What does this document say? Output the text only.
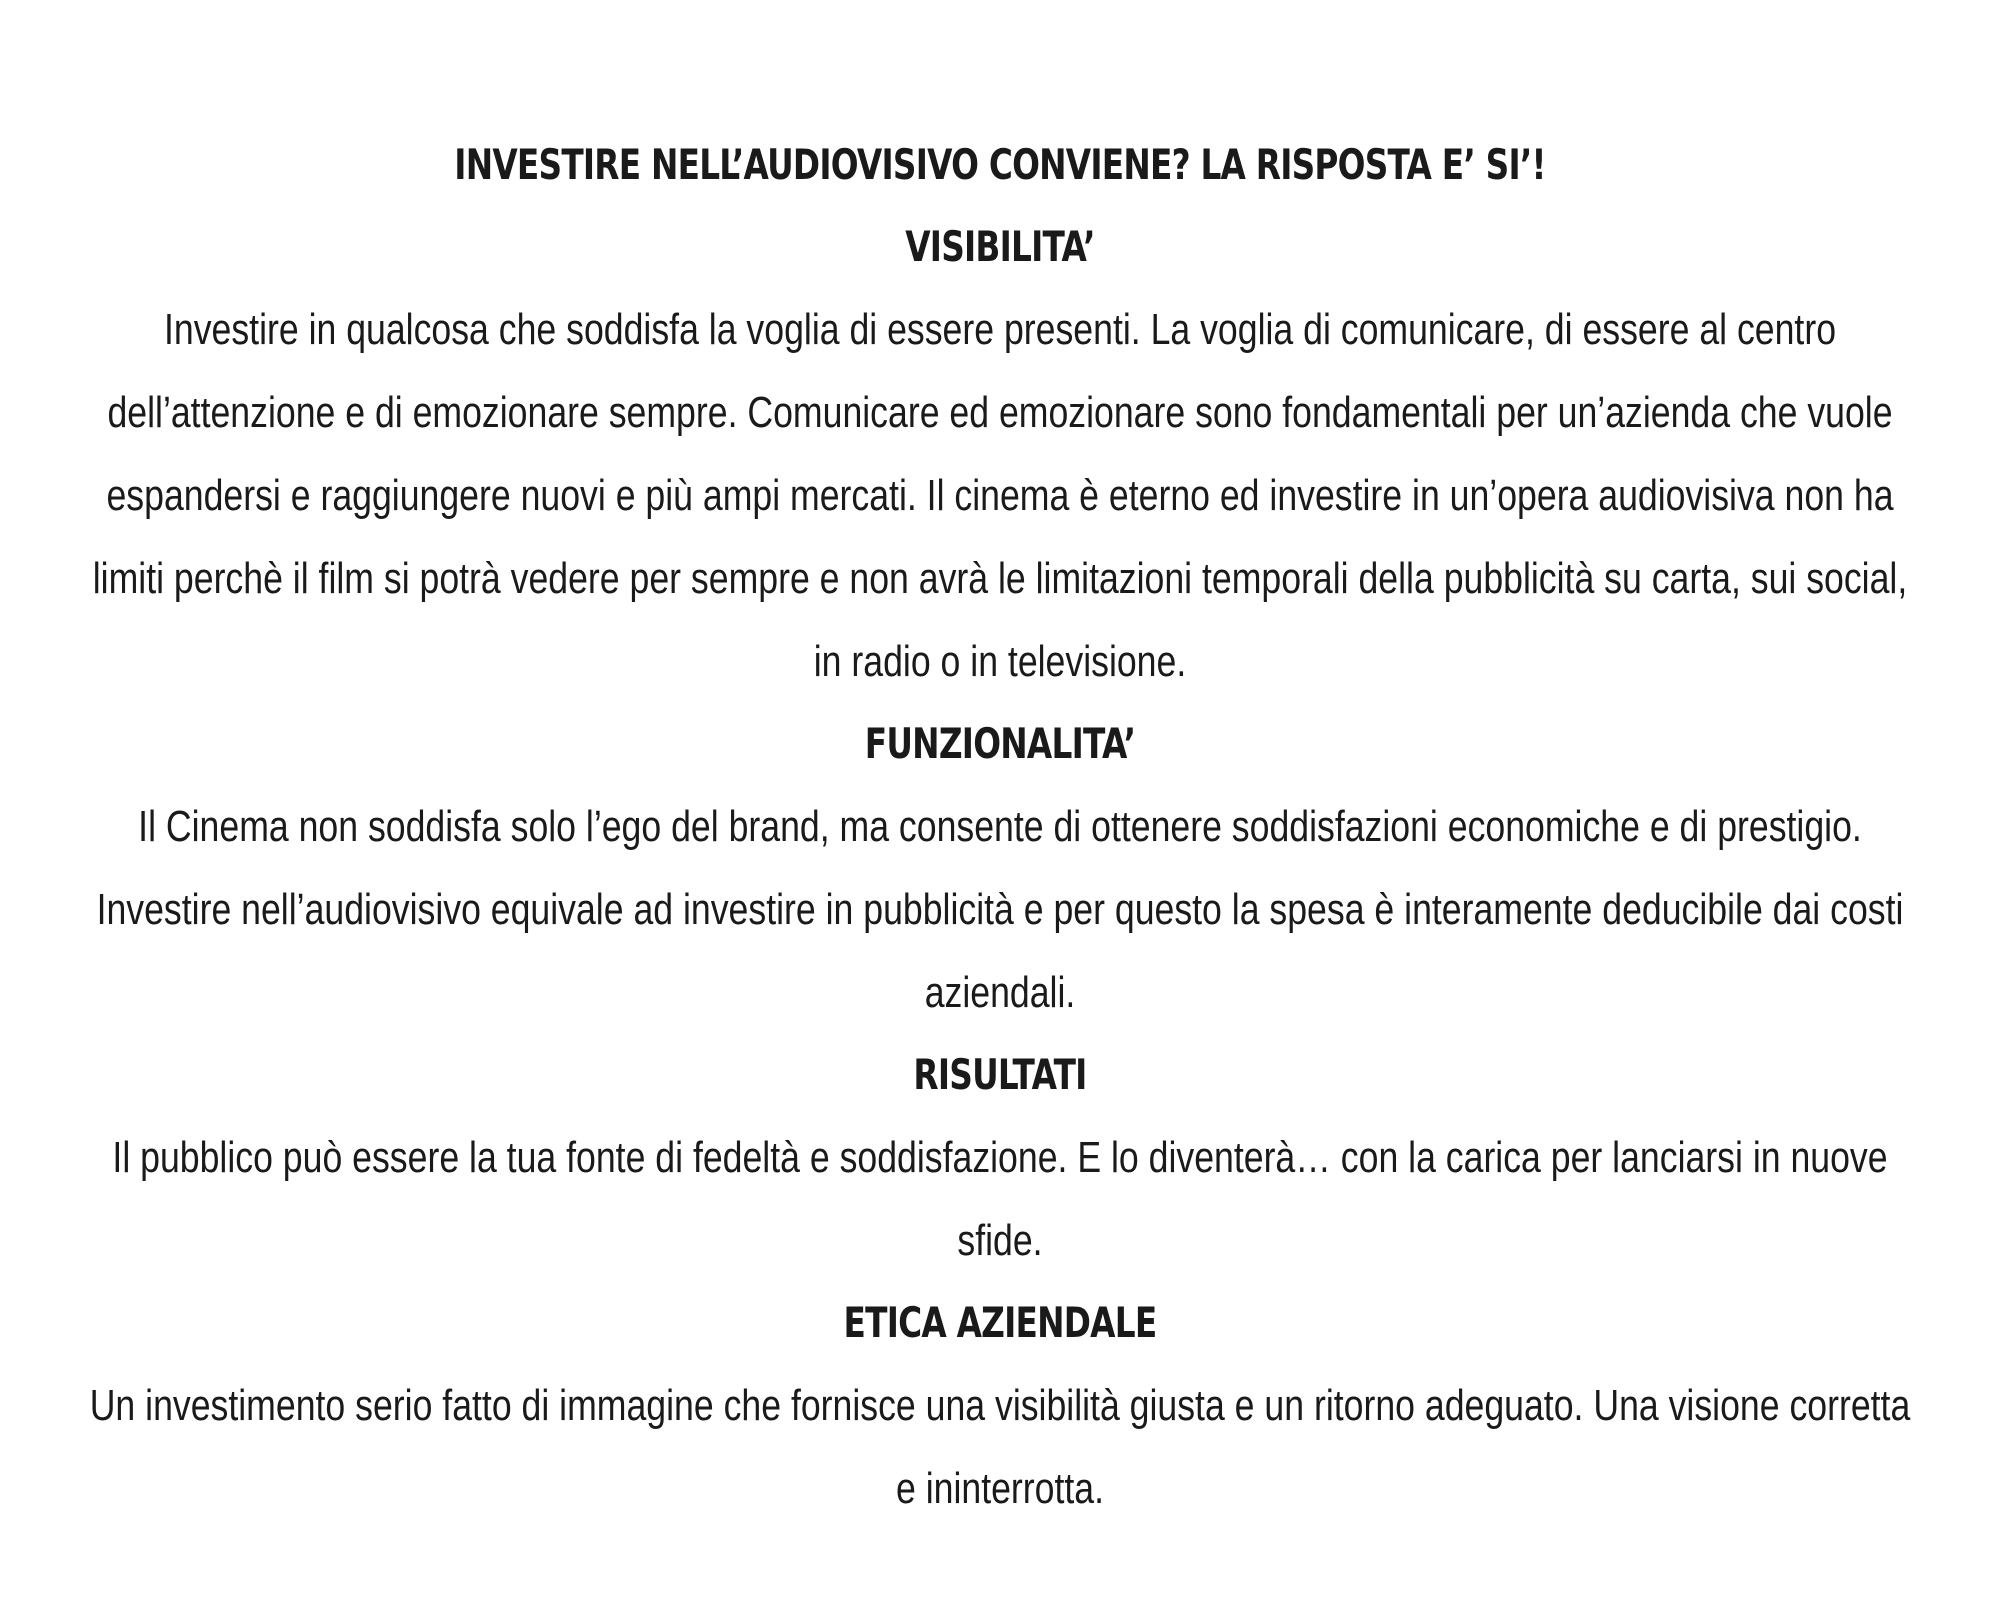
INVESTIRE NELL’AUDIOVISIVO CONVIENE? LA RISPOSTA E’ SI’!
VISIBILITA’

Investire in qualcosa che soddisfa la voglia di essere presenti. La voglia di comunicare, di essere al centro dell’attenzione e di emozionare sempre. Comunicare ed emozionare sono fondamentali per un’azienda che vuole espandersi e raggiungere nuovi e più ampi mercati. Il cinema è eterno ed investire in un’opera audiovisiva non ha limiti perchè il film si potrà vedere per sempre e non avrà le limitazioni temporali della pubblicità su carta, sui social, in radio o in televisione.

FUNZIONALITA’

Il Cinema non soddisfa solo l’ego del brand, ma consente di ottenere soddisfazioni economiche e di prestigio. Investire nell’audiovisivo equivale ad investire in pubblicità e per questo la spesa è interamente deducibile dai costi aziendali.

RISULTATI

Il pubblico può essere la tua fonte di fedeltà e soddisfazione. E lo diventerà… con la carica per lanciarsi in nuove sfide.

ETICA AZIENDALE

Un investimento serio fatto di immagine che fornisce una visibilità giusta e un ritorno adeguato. Una visione corretta e ininterrotta.
